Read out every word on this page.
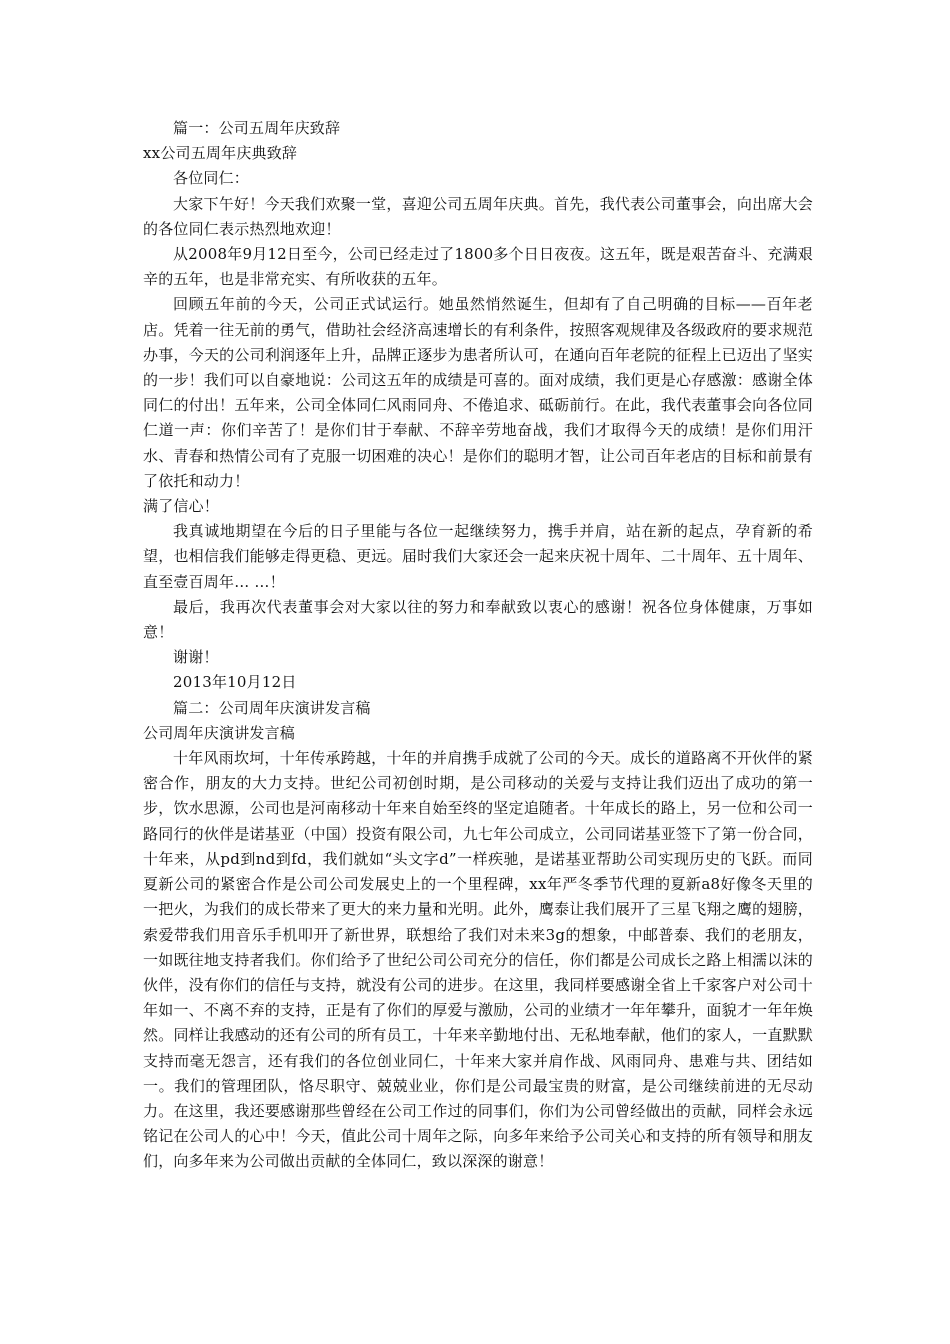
篇一：公司五周年庆致辞

xx公司五周年庆典致辞

各位同仁：

大家下午好！今天我们欢聚一堂，喜迎公司五周年庆典。首先，我代表公司董事会，向出席大会的各位同仁表示热烈地欢迎！

从2008年9月12日至今，公司已经走过了1800多个日日夜夜。这五年，既是艰苦奋斗、充满艰辛的五年，也是非常充实、有所收获的五年。

回顾五年前的今天，公司正式试运行。她虽然悄然诞生，但却有了自己明确的目标——百年老店。凭着一往无前的勇气，借助社会经济高速增长的有利条件，按照客观规律及各级政府的要求规范办事，今天的公司利润逐年上升，品牌正逐步为患者所认可，在通向百年老院的征程上已迈出了坚实的一步！我们可以自豪地说：公司这五年的成绩是可喜的。面对成绩，我们更是心存感激：感谢全体同仁的付出！五年来，公司全体同仁风雨同舟、不倦追求、砥砺前行。在此，我代表董事会向各位同仁道一声：你们辛苦了！是你们甘于奉献、不辞辛劳地奋战，我们才取得今天的成绩！是你们用汗水、青春和热情公司有了克服一切困难的决心！是你们的聪明才智，让公司百年老店的目标和前景有了依托和动力！

满了信心！

我真诚地期望在今后的日子里能与各位一起继续努力，携手并肩，站在新的起点，孕育新的希望，也相信我们能够走得更稳、更远。届时我们大家还会一起来庆祝十周年、二十周年、五十周年、直至壹百周年… …！

最后，我再次代表董事会对大家以往的努力和奉献致以衷心的感谢！祝各位身体健康，万事如意！

谢谢！

2013年10月12日

篇二：公司周年庆演讲发言稿

公司周年庆演讲发言稿

十年风雨坎坷，十年传承跨越，十年的并肩携手成就了公司的今天。成长的道路离不开伙伴的紧密合作，朋友的大力支持。世纪公司初创时期，是公司移动的关爱与支持让我们迈出了成功的第一步，饮水思源，公司也是河南移动十年来自始至终的坚定追随者。十年成长的路上，另一位和公司一路同行的伙伴是诺基亚（中国）投资有限公司，九七年公司成立，公司同诺基亚签下了第一份合同，十年来，从pd到nd到fd，我们就如“头文字d”一样疾驰，是诺基亚帮助公司实现历史的飞跃。而同夏新公司的紧密合作是公司公司发展史上的一个里程碑，xx年严冬季节代理的夏新a8好像冬天里的一把火，为我们的成长带来了更大的来力量和光明。此外，鹰泰让我们展开了三星飞翔之鹰的翅膀，索爱带我们用音乐手机叩开了新世界，联想给了我们对未来3g的想象，中邮普泰、我们的老朋友，一如既往地支持者我们。你们给予了世纪公司公司充分的信任，你们都是公司成长之路上相濡以沫的伙伴，没有你们的信任与支持，就没有公司的进步。在这里，我同样要感谢全省上千家客户对公司十年如一、不离不弃的支持，正是有了你们的厚爱与激励，公司的业绩才一年年攀升，面貌才一年年焕然。同样让我感动的还有公司的所有员工，十年来辛勤地付出、无私地奉献，他们的家人，一直默默支持而毫无怨言，还有我们的各位创业同仁，十年来大家并肩作战、风雨同舟、患难与共、团结如一。我们的管理团队，恪尽职守、兢兢业业，你们是公司最宝贵的财富，是公司继续前进的无尽动力。在这里，我还要感谢那些曾经在公司工作过的同事们，你们为公司曾经做出的贡献，同样会永远铭记在公司人的心中！今天，值此公司十周年之际，向多年来给予公司关心和支持的所有领导和朋友们，向多年来为公司做出贡献的全体同仁，致以深深的谢意！
